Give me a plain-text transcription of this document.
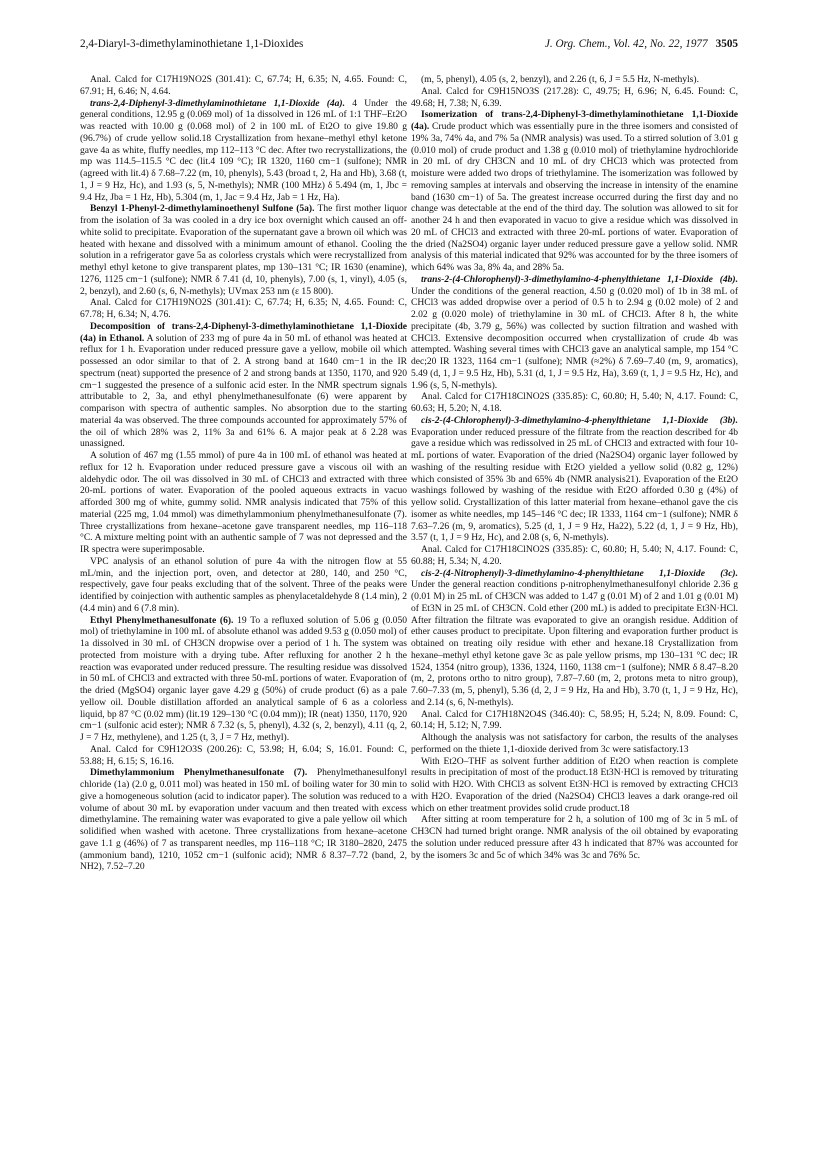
2,4-Diaryl-3-dimethylaminothietane 1,1-Dioxides	J. Org. Chem., Vol. 42, No. 22, 1977 3505

Anal. Calcd for C17H19NO2S (301.41): C, 67.74; H, 6.35; N, 4.65. Found: C, 67.91; H, 6.46; N, 4.64.

trans-2,4-Diphenyl-3-dimethylaminothietane 1,1-Dioxide (4a). 4 Under the general conditions, 12.95 g (0.069 mol) of 1a dissolved in 126 mL of 1:1 THF–Et2O was reacted with 10.00 g (0.068 mol) of 2 in 100 mL of Et2O to give 19.80 g (96.7%) of crude yellow solid.18 Crystallization from hexane–methyl ethyl ketone gave 4a as white, fluffy needles, mp 112–113 °C dec. After two recrystallizations, the mp was 114.5–115.5 °C dec (lit.4 109 °C); IR 1320, 1160 cm−1 (sulfone); NMR (agreed with lit.4) δ 7.68–7.22 (m, 10, phenyls), 5.43 (broad t, 2, Ha and Hb), 3.68 (t, 1, J = 9 Hz, Hc), and 1.93 (s, 5, N-methyls); NMR (100 MHz) δ 5.494 (m, 1, Jbc = 9.4 Hz, Jba = 1 Hz, Hb), 5.304 (m, 1, Jac = 9.4 Hz, Jab = 1 Hz, Ha).

Benzyl 1-Phenyl-2-dimethylaminoethenyl Sulfone (5a). The first mother liquor from the isolation of 3a was cooled in a dry ice box overnight which caused an off-white solid to precipitate. Evaporation of the supernatant gave a brown oil which was heated with hexane and dissolved with a minimum amount of ethanol. Cooling the solution in a refrigerator gave 5a as colorless crystals which were recrystallized from methyl ethyl ketone to give transparent plates, mp 130–131 °C; IR 1630 (enamine), 1276, 1125 cm−1 (sulfone); NMR δ 7.41 (d, 10, phenyls), 7.00 (s, 1, vinyl), 4.05 (s, 2, benzyl), and 2.60 (s, 6, N-methyls); UVmax 253 nm (ε 15 800).

Anal. Calcd for C17H19NO2S (301.41): C, 67.74; H, 6.35; N, 4.65. Found: C, 67.78; H, 6.34; N, 4.76.

Decomposition of trans-2,4-Diphenyl-3-dimethylaminothietane 1,1-Dioxide (4a) in Ethanol. A solution of 233 mg of pure 4a in 50 mL of ethanol was heated at reflux for 1 h. Evaporation under reduced pressure gave a yellow, mobile oil which possessed an odor similar to that of 2. A strong band at 1640 cm−1 in the IR spectrum (neat) supported the presence of 2 and strong bands at 1350, 1170, and 920 cm−1 suggested the presence of a sulfonic acid ester. In the NMR spectrum signals attributable to 2, 3a, and ethyl phenylmethanesulfonate (6) were apparent by comparison with spectra of authentic samples. No absorption due to the starting material 4a was observed. The three compounds accounted for approximately 57% of the oil of which 28% was 2, 11% 3a and 61% 6. A major peak at δ 2.28 was unassigned.

A solution of 467 mg (1.55 mmol) of pure 4a in 100 mL of ethanol was heated at reflux for 12 h. Evaporation under reduced pressure gave a viscous oil with an aldehydic odor. The oil was dissolved in 30 mL of CHCl3 and extracted with three 20-mL portions of water. Evaporation of the pooled aqueous extracts in vacuo afforded 300 mg of white, gummy solid. NMR analysis indicated that 75% of this material (225 mg, 1.04 mmol) was dimethylammonium phenylmethanesulfonate (7). Three crystallizations from hexane–acetone gave transparent needles, mp 116–118 °C. A mixture melting point with an authentic sample of 7 was not depressed and the IR spectra were superimposable.

VPC analysis of an ethanol solution of pure 4a with the nitrogen flow at 55 mL/min, and the injection port, oven, and detector at 280, 140, and 250 °C, respectively, gave four peaks excluding that of the solvent. Three of the peaks were identified by coinjection with authentic samples as phenylacetaldehyde 8 (1.4 min), 2 (4.4 min) and 6 (7.8 min).

Ethyl Phenylmethanesulfonate (6). 19 To a refluxed solution of 5.06 g (0.050 mol) of triethylamine in 100 mL of absolute ethanol was added 9.53 g (0.050 mol) of 1a dissolved in 30 mL of CH3CN dropwise over a period of 1 h. The system was protected from moisture with a drying tube. After refluxing for another 2 h the reaction was evaporated under reduced pressure. The resulting residue was dissolved in 50 mL of CHCl3 and extracted with three 50-mL portions of water. Evaporation of the dried (MgSO4) organic layer gave 4.29 g (50%) of crude product (6) as a pale yellow oil. Double distillation afforded an analytical sample of 6 as a colorless liquid, bp 87 °C (0.02 mm) (lit.19 129–130 °C (0.04 mm)); IR (neat) 1350, 1170, 920 cm−1 (sulfonic acid ester); NMR δ 7.32 (s, 5, phenyl), 4.32 (s, 2, benzyl), 4.11 (q, 2, J = 7 Hz, methylene), and 1.25 (t, 3, J = 7 Hz, methyl).

Anal. Calcd for C9H12O3S (200.26): C, 53.98; H, 6.04; S, 16.01. Found: C, 53.88; H, 6.15; S, 16.16.

Dimethylammonium Phenylmethanesulfonate (7). Phenylmethanesulfonyl chloride (1a) (2.0 g, 0.011 mol) was heated in 150 mL of boiling water for 30 min to give a homogeneous solution (acid to indicator paper). The solution was reduced to a volume of about 30 mL by evaporation under vacuum and then treated with excess dimethylamine. The remaining water was evaporated to give a pale yellow oil which solidified when washed with acetone. Three crystallizations from hexane–acetone gave 1.1 g (46%) of 7 as transparent needles, mp 116–118 °C; IR 3180–2820, 2475 (ammonium band), 1210, 1052 cm−1 (sulfonic acid); NMR δ 8.37–7.72 (band, 2, NH2), 7.52–7.20

(m, 5, phenyl), 4.05 (s, 2, benzyl), and 2.26 (t, 6, J = 5.5 Hz, N-methyls).

Anal. Calcd for C9H15NO3S (217.28): C, 49.75; H, 6.96; N, 6.45. Found: C, 49.68; H, 7.38; N, 6.39.

Isomerization of trans-2,4-Diphenyl-3-dimethylaminothietane 1,1-Dioxide (4a). Crude product which was essentially pure in the three isomers and consisted of 19% 3a, 74% 4a, and 7% 5a (NMR analysis) was used. To a stirred solution of 3.01 g (0.010 mol) of crude product and 1.38 g (0.010 mol) of triethylamine hydrochloride in 20 mL of dry CH3CN and 10 mL of dry CHCl3 which was protected from moisture were added two drops of triethylamine. The isomerization was followed by removing samples at intervals and observing the increase in intensity of the enamine band (1630 cm−1) of 5a. The greatest increase occurred during the first day and no change was detectable at the end of the third day. The solution was allowed to sit for another 24 h and then evaporated in vacuo to give a residue which was dissolved in 20 mL of CHCl3 and extracted with three 20-mL portions of water. Evaporation of the dried (Na2SO4) organic layer under reduced pressure gave a yellow solid. NMR analysis of this material indicated that 92% was accounted for by the three isomers of which 64% was 3a, 8% 4a, and 28% 5a.

trans-2-(4-Chlorophenyl)-3-dimethylamino-4-phenylthietane 1,1-Dioxide (4b). Under the conditions of the general reaction, 4.50 g (0.020 mol) of 1b in 38 mL of CHCl3 was added dropwise over a period of 0.5 h to 2.94 g (0.02 mole) of 2 and 2.02 g (0.020 mole) of triethylamine in 30 mL of CHCl3. After 8 h, the white precipitate (4b, 3.79 g, 56%) was collected by suction filtration and washed with CHCl3. Extensive decomposition occurred when crystallization of crude 4b was attempted. Washing several times with CHCl3 gave an analytical sample, mp 154 °C dec;20 IR 1323, 1164 cm−1 (sulfone); NMR (≈2%) δ 7.69–7.40 (m, 9, aromatics), 5.49 (d, 1, J = 9.5 Hz, Hb), 5.31 (d, 1, J = 9.5 Hz, Ha), 3.69 (t, 1, J = 9.5 Hz, Hc), and 1.96 (s, 5, N-methyls).

Anal. Calcd for C17H18ClNO2S (335.85): C, 60.80; H, 5.40; N, 4.17. Found: C, 60.63; H, 5.20; N, 4.18.

cis-2-(4-Chlorophenyl)-3-dimethylamino-4-phenylthietane 1,1-Dioxide (3b). Evaporation under reduced pressure of the filtrate from the reaction described for 4b gave a residue which was redissolved in 25 mL of CHCl3 and extracted with four 10-mL portions of water. Evaporation of the dried (Na2SO4) organic layer followed by washing of the resulting residue with Et2O yielded a yellow solid (0.82 g, 12%) which consisted of 35% 3b and 65% 4b (NMR analysis21). Evaporation of the Et2O washings followed by washing of the residue with Et2O afforded 0.30 g (4%) of yellow solid. Crystallization of this latter material from hexane–ethanol gave the cis isomer as white needles, mp 145–146 °C dec; IR 1333, 1164 cm−1 (sulfone); NMR δ 7.63–7.26 (m, 9, aromatics), 5.25 (d, 1, J = 9 Hz, Ha22), 5.22 (d, 1, J = 9 Hz, Hb), 3.57 (t, 1, J = 9 Hz, Hc), and 2.08 (s, 6, N-methyls).

Anal. Calcd for C17H18ClNO2S (335.85): C, 60.80; H, 5.40; N, 4.17. Found: C, 60.88; H, 5.34; N, 4.20.

cis-2-(4-Nitrophenyl)-3-dimethylamino-4-phenylthietane 1,1-Dioxide (3c). Under the general reaction conditions p-nitrophenylmethanesulfonyl chloride 2.36 g (0.01 M) in 25 mL of CH3CN was added to 1.47 g (0.01 M) of 2 and 1.01 g (0.01 M) of Et3N in 25 mL of CH3CN. Cold ether (200 mL) is added to precipitate Et3N·HCl. After filtration the filtrate was evaporated to give an orangish residue. Addition of ether causes product to precipitate. Upon filtering and evaporation further product is obtained on treating oily residue with ether and hexane.18 Crystallization from hexane–methyl ethyl ketone gave 3c as pale yellow prisms, mp 130–131 °C dec; IR 1524, 1354 (nitro group), 1336, 1324, 1160, 1138 cm−1 (sulfone); NMR δ 8.47–8.20 (m, 2, protons ortho to nitro group), 7.87–7.60 (m, 2, protons meta to nitro group), 7.60–7.33 (m, 5, phenyl), 5.36 (d, 2, J = 9 Hz, Ha and Hb), 3.70 (t, 1, J = 9 Hz, Hc), and 2.14 (s, 6, N-methyls).

Anal. Calcd for C17H18N2O4S (346.40): C, 58.95; H, 5.24; N, 8.09. Found: C, 60.14; H, 5.12; N, 7.99.

Although the analysis was not satisfactory for carbon, the results of the analyses performed on the thiete 1,1-dioxide derived from 3c were satisfactory.13

With Et2O–THF as solvent further addition of Et2O when reaction is complete results in precipitation of most of the product.18 Et3N·HCl is removed by triturating solid with H2O. With CHCl3 as solvent Et3N·HCl is removed by extracting CHCl3 with H2O. Evaporation of the dried (Na2SO4) CHCl3 leaves a dark orange-red oil which on ether treatment provides solid crude product.18

After sitting at room temperature for 2 h, a solution of 100 mg of 3c in 5 mL of CH3CN had turned bright orange. NMR analysis of the oil obtained by evaporating the solution under reduced pressure after 43 h indicated that 87% was accounted for by the isomers 3c and 5c of which 34% was 3c and 76% 5c.
